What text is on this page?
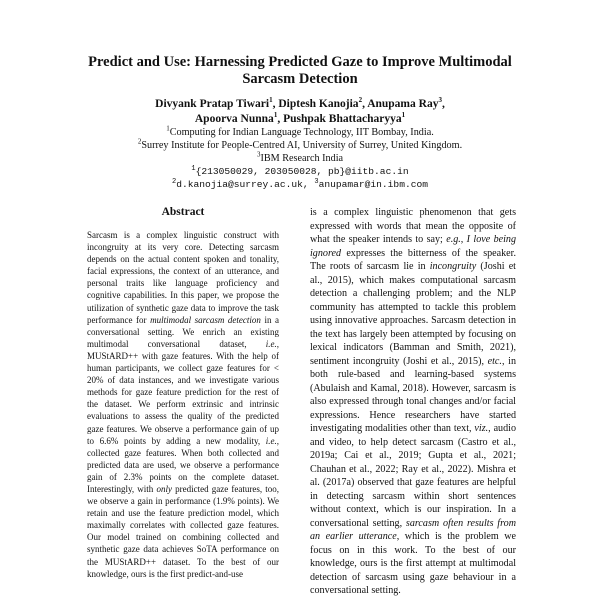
Predict and Use: Harnessing Predicted Gaze to Improve Multimodal Sarcasm Detection
Divyank Pratap Tiwari$^1$, Diptesh Kanojia$^2$, Anupama Ray$^3$,
Apoorva Nunna$^1$, Pushpak Bhattacharyya$^1$
$^1$Computing for Indian Language Technology, IIT Bombay, India.
$^2$Surrey Institute for People-Centred AI, University of Surrey, United Kingdom.
$^3$IBM Research India
$^1${213050029, 203050028, pb}@iitb.ac.in
$^2$d.kanojia@surrey.ac.uk, $^3$anupamar@in.ibm.com
Abstract
Sarcasm is a complex linguistic construct with incongruity at its very core. Detecting sarcasm depends on the actual content spoken and tonality, facial expressions, the context of an utterance, and personal traits like language proficiency and cognitive capabilities. In this paper, we propose the utilization of synthetic gaze data to improve the task performance for multimodal sarcasm detection in a conversational setting. We enrich an existing multimodal conversational dataset, i.e., MUStARD++ with gaze features. With the help of human participants, we collect gaze features for < 20% of data instances, and we investigate various methods for gaze feature prediction for the rest of the dataset. We perform extrinsic and intrinsic evaluations to assess the quality of the predicted gaze features. We observe a performance gain of up to 6.6% points by adding a new modality, i.e., collected gaze features. When both collected and predicted data are used, we observe a performance gain of 2.3% points on the complete dataset. Interestingly, with only predicted gaze features, too, we observe a gain in performance (1.9% points). We retain and use the feature prediction model, which maximally correlates with collected gaze features. Our model trained on combining collected and synthetic gaze data achieves SoTA performance on the MUStARD++ dataset. To the best of our knowledge, ours is the first predict-and-use

is a complex linguistic phenomenon that gets expressed with words that mean the opposite of what the speaker intends to say; e.g., I love being ignored expresses the bitterness of the speaker. The roots of sarcasm lie in incongruity (Joshi et al., 2015), which makes computational sarcasm detection a challenging problem; and the NLP community has attempted to tackle this problem using innovative approaches. Sarcasm detection in the text has largely been attempted by focusing on lexical indicators (Bamman and Smith, 2021), sentiment incongruity (Joshi et al., 2015), etc., in both rule-based and learning-based systems (Abulaish and Kamal, 2018). However, sarcasm is also expressed through tonal changes and/or facial expressions. Hence researchers have started investigating modalities other than text, viz., audio and video, to help detect sarcasm (Castro et al., 2019a; Cai et al., 2019; Gupta et al., 2021; Chauhan et al., 2022; Ray et al., 2022). Mishra et al. (2017a) observed that gaze features are helpful in detecting sarcasm within short sentences without context, which is our inspiration. In a conversational setting, sarcasm often results from an earlier utterance, which is the problem we focus on in this work. To the best of our knowledge, ours is the first attempt at multimodal detection of sarcasm using gaze behaviour in a conversational setting.
